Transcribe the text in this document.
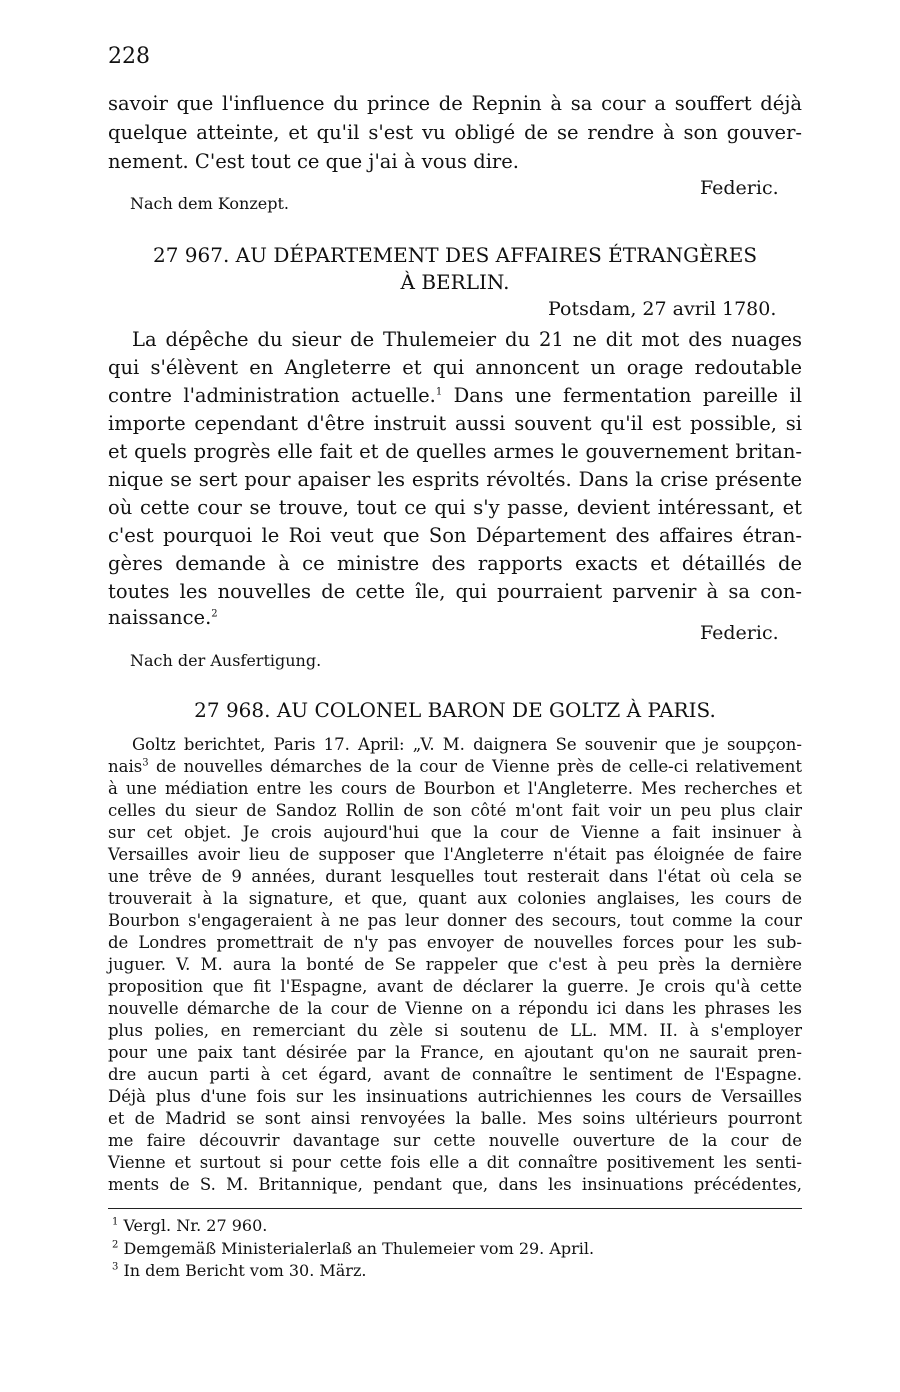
228
savoir que l'influence du prince de Repnin à sa cour a souffert déjà
quelque atteinte, et qu'il s'est vu obligé de se rendre à son gouver-
nement. C'est tout ce que j'ai à vous dire.
Federic.
Nach dem Konzept.
27 967. AU DÉPARTEMENT DES AFFAIRES ÉTRANGÈRES
À BERLIN.
Potsdam, 27 avril 1780.
La dépêche du sieur de Thulemeier du 21 ne dit mot des nuages
qui s'élèvent en Angleterre et qui annoncent un orage redoutable
contre l'administration actuelle.$^1$ Dans une fermentation pareille il
importe cependant d'être instruit aussi souvent qu'il est possible, si
et quels progrès elle fait et de quelles armes le gouvernement britan-
nique se sert pour apaiser les esprits révoltés. Dans la crise présente
où cette cour se trouve, tout ce qui s'y passe, devient intéressant, et
c'est pourquoi le Roi veut que Son Département des affaires étran-
gères demande à ce ministre des rapports exacts et détaillés de
toutes les nouvelles de cette île, qui pourraient parvenir à sa con-
naissance.$^2$
Federic.
Nach der Ausfertigung.
27 968. AU COLONEL BARON DE GOLTZ À PARIS.
Goltz berichtet, Paris 17. April: „V. M. daignera Se souvenir que je soupçon-
nais$^3$ de nouvelles démarches de la cour de Vienne près de celle-ci relativement
à une médiation entre les cours de Bourbon et l'Angleterre. Mes recherches et
celles du sieur de Sandoz Rollin de son côté m'ont fait voir un peu plus clair
sur cet objet. Je crois aujourd'hui que la cour de Vienne a fait insinuer à
Versailles avoir lieu de supposer que l'Angleterre n'était pas éloignée de faire
une trêve de 9 années, durant lesquelles tout resterait dans l'état où cela se
trouverait à la signature, et que, quant aux colonies anglaises, les cours de
Bourbon s'engageraient à ne pas leur donner des secours, tout comme la cour
de Londres promettrait de n'y pas envoyer de nouvelles forces pour les sub-
juguer. V. M. aura la bonté de Se rappeler que c'est à peu près la dernière
proposition que fit l'Espagne, avant de déclarer la guerre. Je crois qu'à cette
nouvelle démarche de la cour de Vienne on a répondu ici dans les phrases les
plus polies, en remerciant du zèle si soutenu de LL. MM. II. à s'employer
pour une paix tant désirée par la France, en ajoutant qu'on ne saurait pren-
dre aucun parti à cet égard, avant de connaître le sentiment de l'Espagne.
Déjà plus d'une fois sur les insinuations autrichiennes les cours de Versailles
et de Madrid se sont ainsi renvoyées la balle. Mes soins ultérieurs pourront
me faire découvrir davantage sur cette nouvelle ouverture de la cour de
Vienne et surtout si pour cette fois elle a dit connaître positivement les senti-
ments de S. M. Britannique, pendant que, dans les insinuations précédentes,
$^1$ Vergl. Nr. 27 960.
$^2$ Demgemäß Ministerialerlaß an Thulemeier vom 29. April.
$^3$ In dem Bericht vom 30. März.
